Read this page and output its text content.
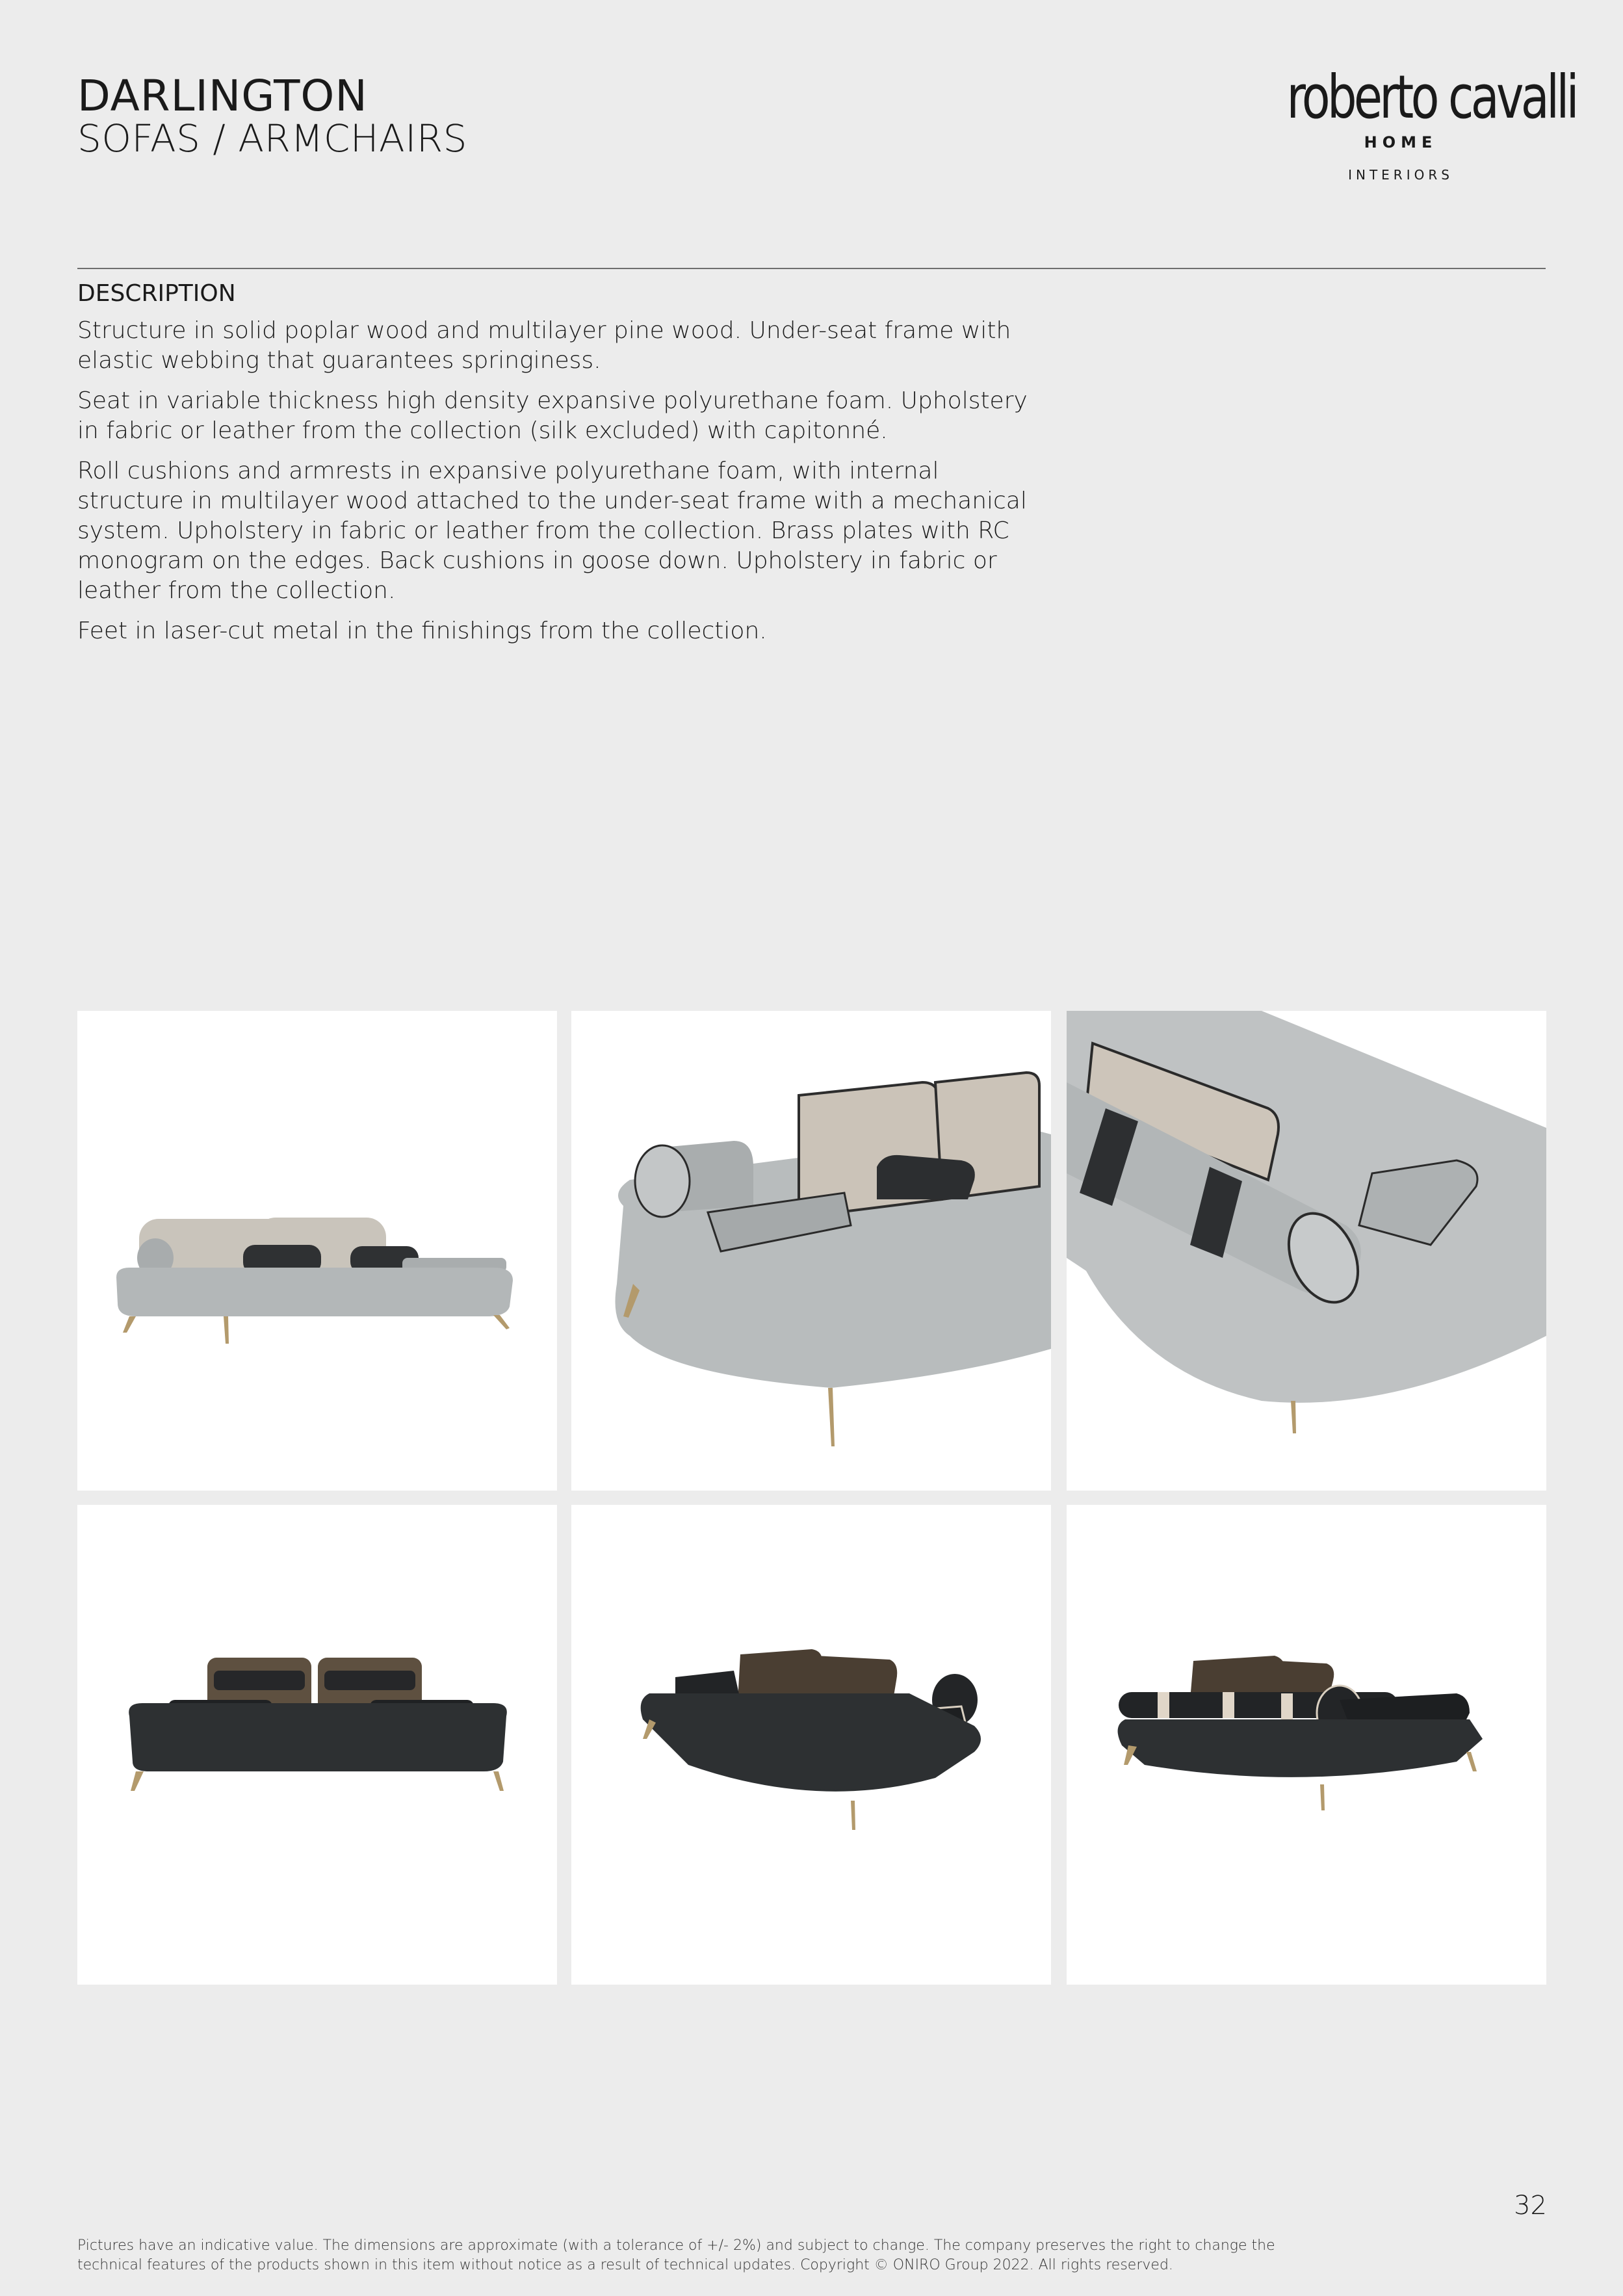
DARLINGTON
SOFAS / ARMCHAIRS
roberto cavalli
HOME
INTERIORS
DESCRIPTION

Structure in solid poplar wood and multilayer pine wood. Under-seat frame with elastic webbing that guarantees springiness.

Seat in variable thickness high density expansive polyurethane foam. Upholstery in fabric or leather from the collection (silk excluded) with capitonné.

Roll cushions and armrests in expansive polyurethane foam, with internal structure in multilayer wood attached to the under-seat frame with a mechanical system. Upholstery in fabric or leather from the collection. Brass plates with RC monogram on the edges. Back cushions in goose down. Upholstery in fabric or leather from the collection.

Feet in laser-cut metal in the finishings from the collection.

32
Pictures have an indicative value. The dimensions are approximate (with a tolerance of +/- 2%) and subject to change. The company preserves the right to change the
technical features of the products shown in this item without notice as a result of technical updates. Copyright © ONIRO Group 2022. All rights reserved.
